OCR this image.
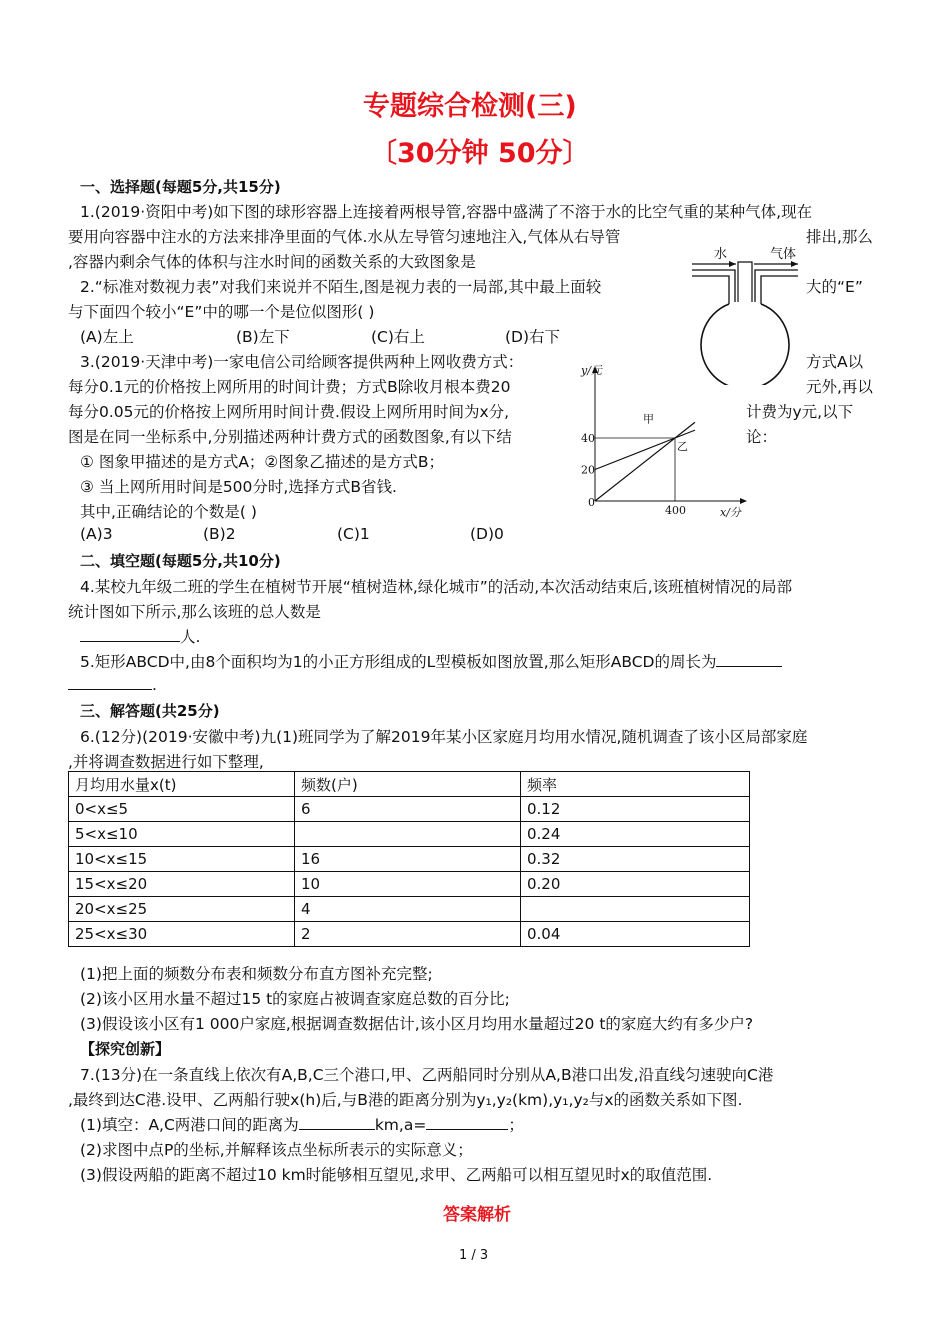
专题综合检测(三)
〔30分钟 50分〕
一、选择题(每题5分,共15分)
1.(2019·资阳中考)如下图的球形容器上连接着两根导管,容器中盛满了不溶于水的比空气重的某种气体,现在
要用向容器中注水的方法来排净里面的气体.水从左导管匀速地注入,气体从右导管	排出,那么
,容器内剩余气体的体积与注水时间的函数关系的大致图象是
2.“标准对数视力表”对我们来说并不陌生,图是视力表的一局部,其中最上面较	大的“E”
与下面四个较小“E”中的哪一个是位似图形( )
(A)左上	(B)左下	(C)右上	(D)右下
3.(2019·天津中考)一家电信公司给顾客提供两种上网收费方式：	方式A以
每分0.1元的价格按上网所用的时间计费；方式B除收月根本费20	元外,再以
每分0.05元的价格按上网所用时间计费.假设上网所用时间为x分,	计费为y元,以下
图是在同一坐标系中,分别描述两种计费方式的函数图象,有以下结	论：
① 图象甲描述的是方式A；②图象乙描述的是方式B；
③ 当上网所用时间是500分时,选择方式B省钱.
其中,正确结论的个数是( )
(A)3	(B)2	(C)1	(D)0
水	气体
y/元
x/分
0
20
40
400
甲
乙
二、填空题(每题5分,共10分)
4.某校九年级二班的学生在植树节开展“植树造林,绿化城市”的活动,本次活动结束后,该班植树情况的局部
统计图如下所示,那么该班的总人数是
人.
5.矩形ABCD中,由8个面积均为1的小正方形组成的L型模板如图放置,那么矩形ABCD的周长为
.
三、解答题(共25分)
6.(12分)(2019·安徽中考)九(1)班同学为了解2019年某小区家庭月均用水情况,随机调查了该小区局部家庭
,并将调查数据进行如下整理,
月均用水量x(t)	频数(户)	频率
0<x≤5	6	0.12
5<x≤10		0.24
10<x≤15	16	0.32
15<x≤20	10	0.20
20<x≤25	4	
25<x≤30	2	0.04
(1)把上面的频数分布表和频数分布直方图补充完整;
(2)该小区用水量不超过15 t的家庭占被调查家庭总数的百分比;
(3)假设该小区有1 000户家庭,根据调查数据估计,该小区月均用水量超过20 t的家庭大约有多少户?
【探究创新】
7.(13分)在一条直线上依次有A,B,C三个港口,甲、乙两船同时分别从A,B港口出发,沿直线匀速驶向C港
,最终到达C港.设甲、乙两船行驶x(h)后,与B港的距离分别为y₁,y₂(km),y₁,y₂与x的函数关系如下图.
(1)填空：A,C两港口间的距离为	km,a=	；
(2)求图中点P的坐标,并解释该点坐标所表示的实际意义；
(3)假设两船的距离不超过10 km时能够相互望见,求甲、乙两船可以相互望见时x的取值范围.
答案解析
1 / 3
